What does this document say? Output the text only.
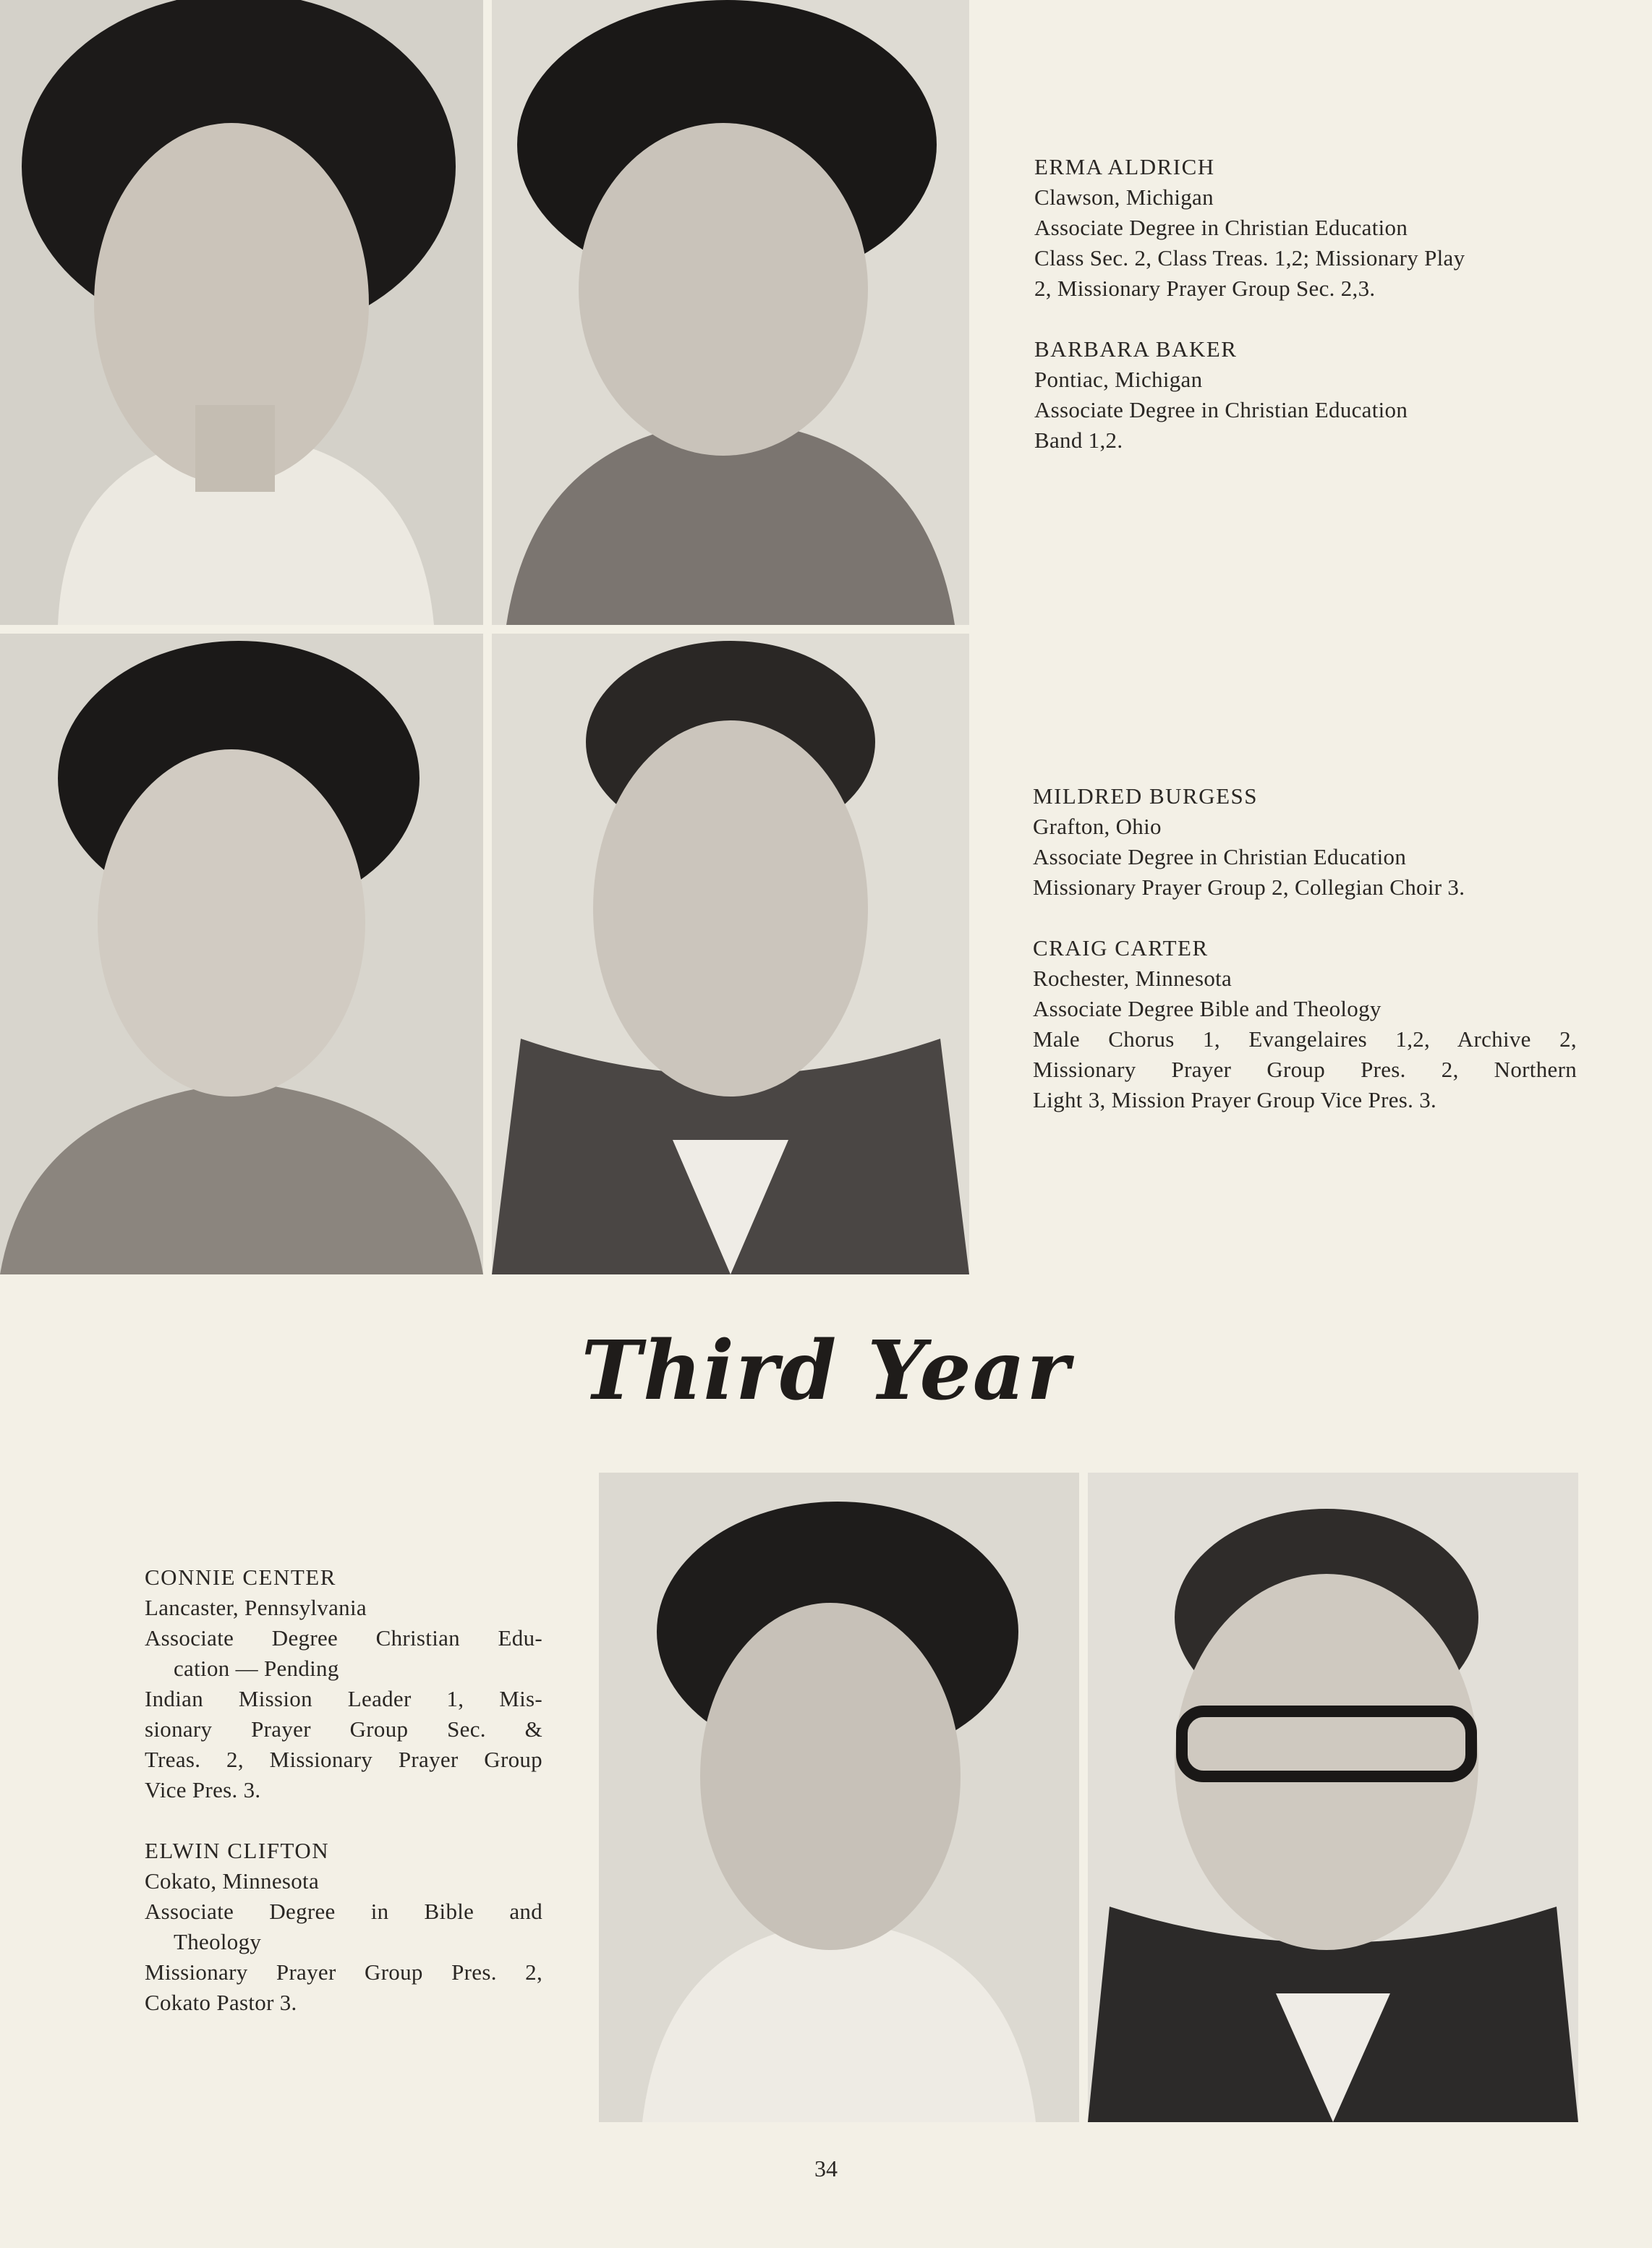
ERMA ALDRICH
Clawson, Michigan
Associate Degree in Christian Education
Class Sec. 2, Class Treas. 1,2; Missionary Play
2, Missionary Prayer Group Sec. 2,3.
BARBARA BAKER
Pontiac, Michigan
Associate Degree in Christian Education
Band 1,2.
MILDRED BURGESS
Grafton, Ohio
Associate Degree in Christian Education
Missionary Prayer Group 2, Collegian Choir 3.
CRAIG CARTER
Rochester, Minnesota
Associate Degree Bible and Theology
Male Chorus 1, Evangelaires 1,2, Archive 2,
Missionary Prayer Group Pres. 2, Northern
Light 3, Mission Prayer Group Vice Pres. 3.
Third Year
CONNIE CENTER
Lancaster, Pennsylvania
Associate Degree Christian Edu-
cation — Pending
Indian Mission Leader 1, Mis-
sionary Prayer Group Sec. &
Treas. 2, Missionary Prayer Group
Vice Pres. 3.
ELWIN CLIFTON
Cokato, Minnesota
Associate Degree in Bible and
Theology
Missionary Prayer Group Pres. 2,
Cokato Pastor 3.
34
